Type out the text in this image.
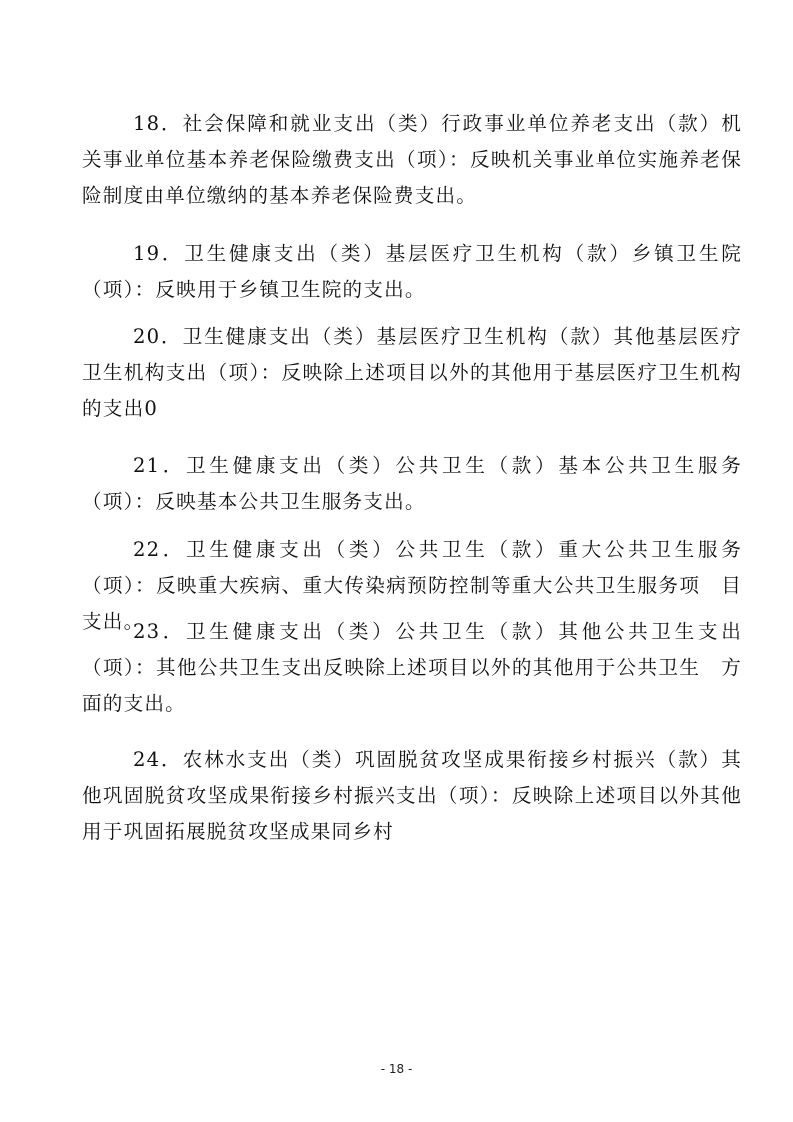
18．社会保障和就业支出（类）行政事业单位养老支出（款）机关事业单位基本养老保险缴费支出（项）：反映机关事业单位实施养老保险制度由单位缴纳的基本养老保险费支出。

19．卫生健康支出（类）基层医疗卫生机构（款）乡镇卫生院（项）：反映用于乡镇卫生院的支出。

20．卫生健康支出（类）基层医疗卫生机构（款）其他基层医疗卫生机构支出（项）：反映除上述项目以外的其他用于基层医疗卫生机构的支出0

21．卫生健康支出（类）公共卫生（款）基本公共卫生服务（项）：反映基本公共卫生服务支出。

22．卫生健康支出（类）公共卫生（款）重大公共卫生服务（项）：反映重大疾病、重大传染病预防控制等重大公共卫生服务项　目支出。

23．卫生健康支出（类）公共卫生（款）其他公共卫生支出（项）：其他公共卫生支出反映除上述项目以外的其他用于公共卫生　方面的支出。

24．农林水支出（类）巩固脱贫攻坚成果衔接乡村振兴（款）其他巩固脱贫攻坚成果衔接乡村振兴支出（项）：反映除上述项目以外其他用于巩固拓展脱贫攻坚成果同乡村

- 18 -
